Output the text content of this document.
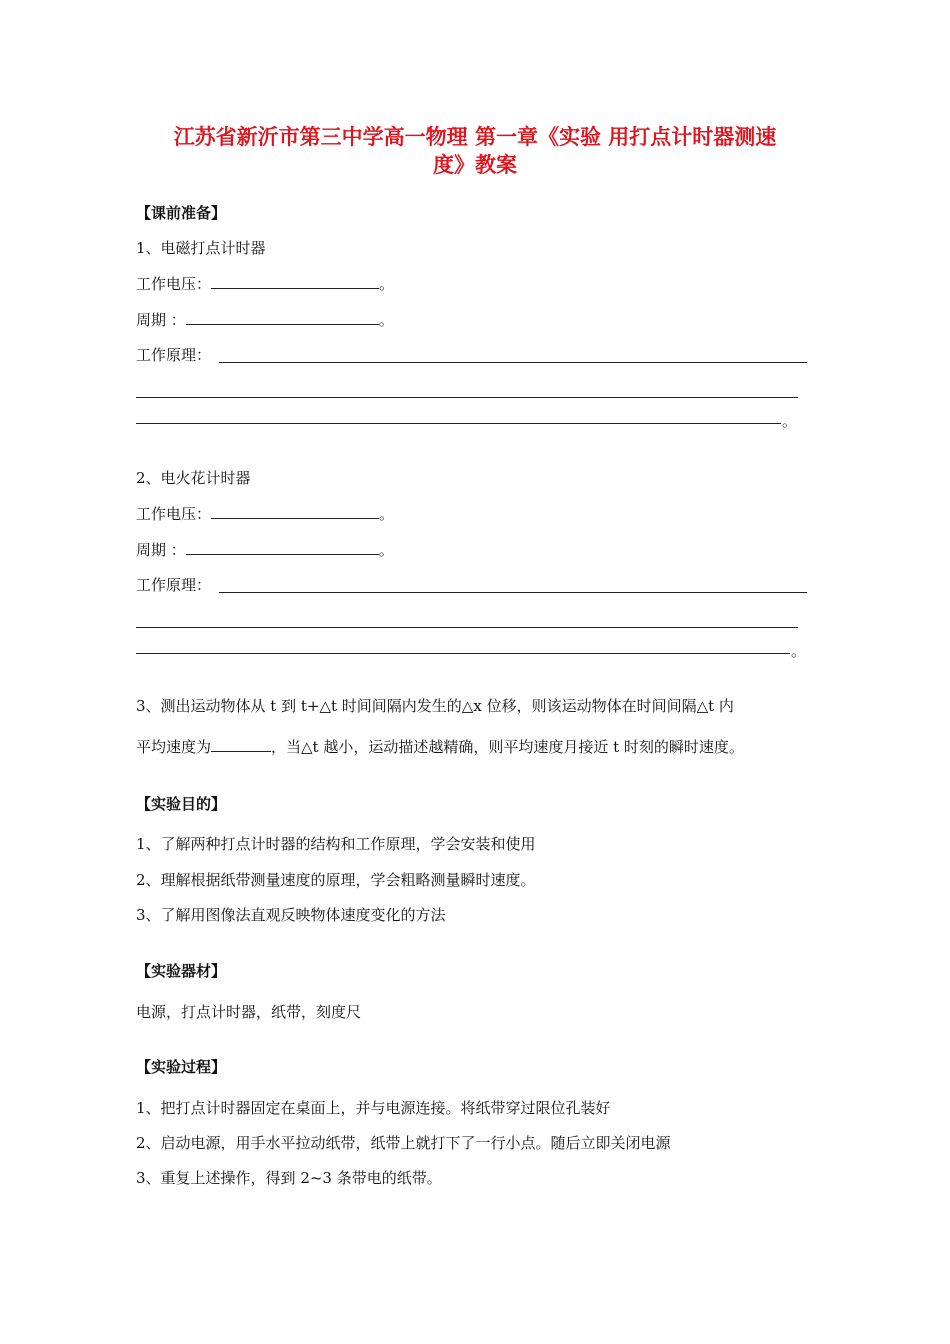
江苏省新沂市第三中学高一物理 第一章《实验 用打点计时器测速
度》教案
【课前准备】
1、电磁打点计时器
工作电压：	。
周期 ：	。
工作原理：
。
2、电火花计时器
工作电压：	。
周期 ：	。
工作原理：
。
3、测出运动物体从 t 到 t+△t 时间间隔内发生的△x 位移，则该运动物体在时间间隔△t 内
平均速度为	，当△t 越小，运动描述越精确，则平均速度月接近 t 时刻的瞬时速度。
【实验目的】
1、了解两种打点计时器的结构和工作原理，学会安装和使用
2、理解根据纸带测量速度的原理，学会粗略测量瞬时速度。
3、了解用图像法直观反映物体速度变化的方法
【实验器材】
电源，打点计时器，纸带，刻度尺
【实验过程】
1、把打点计时器固定在桌面上，并与电源连接。将纸带穿过限位孔装好
2、启动电源，用手水平拉动纸带，纸带上就打下了一行小点。随后立即关闭电源
3、重复上述操作，得到 2~3 条带电的纸带。
